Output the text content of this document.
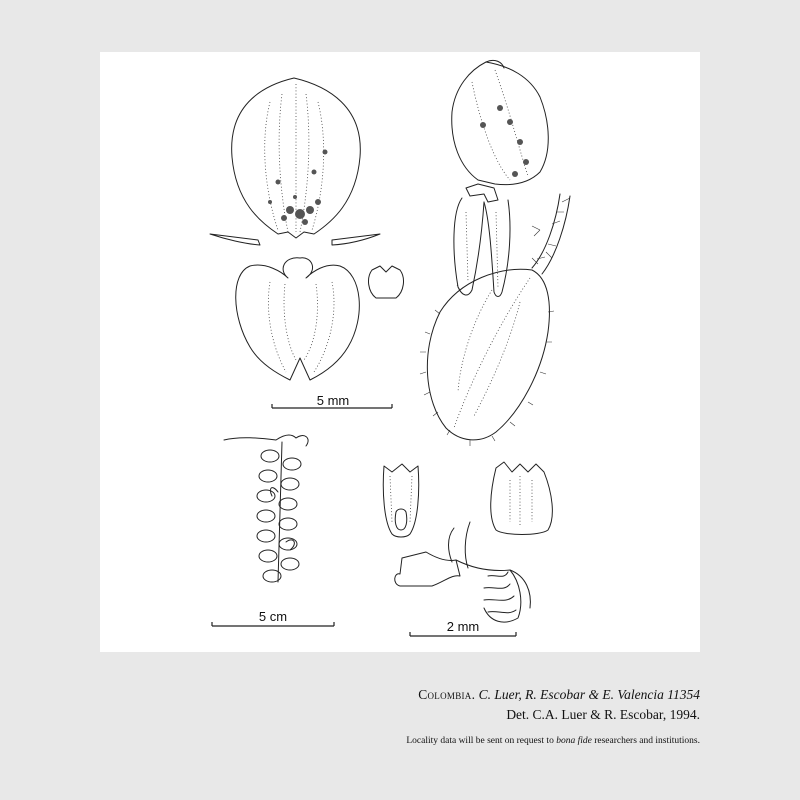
5 mm
5 cm
2 mm
Colombia. C. Luer, R. Escobar & E. Valencia 11354
Det. C.A. Luer & R. Escobar, 1994.
Locality data will be sent on request to bona fide researchers and institutions.
